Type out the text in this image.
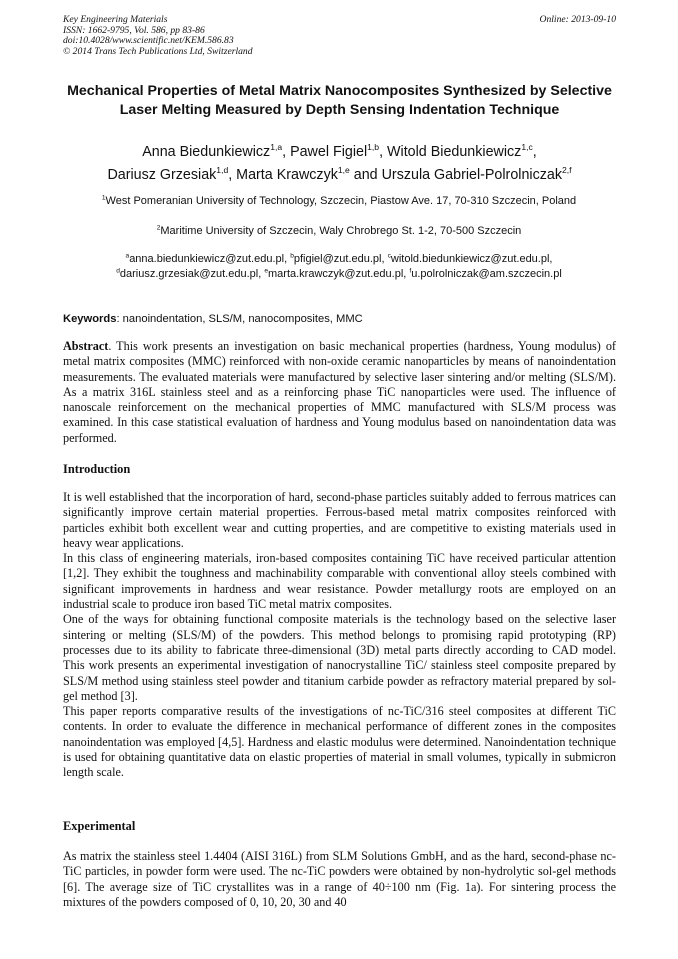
Key Engineering Materials
ISSN: 1662-9795, Vol. 586, pp 83-86
doi:10.4028/www.scientific.net/KEM.586.83
© 2014 Trans Tech Publications Ltd, Switzerland
Online: 2013-09-10
Mechanical Properties of Metal Matrix Nanocomposites Synthesized by Selective Laser Melting Measured by Depth Sensing Indentation Technique
Anna Biedunkiewicz$^{1,a}$, Pawel Figiel$^{1,b}$, Witold Biedunkiewicz$^{1,c}$,
Dariusz Grzesiak$^{1,d}$, Marta Krawczyk$^{1,e}$ and Urszula Gabriel-Polrolniczak$^{2,f}$
$^1$West Pomeranian University of Technology, Szczecin, Piastow Ave. 17, 70-310 Szczecin, Poland
$^2$Maritime University of Szczecin, Waly Chrobrego St. 1-2, 70-500 Szczecin
$^a$anna.biedunkiewicz@zut.edu.pl, $^b$pfigiel@zut.edu.pl, $^c$witold.biedunkiewicz@zut.edu.pl,
$^d$dariusz.grzesiak@zut.edu.pl, $^e$marta.krawczyk@zut.edu.pl, $^f$u.polrolniczak@am.szczecin.pl
Keywords: nanoindentation, SLS/M, nanocomposites, MMC

Abstract. This work presents an investigation on basic mechanical properties (hardness, Young modulus) of metal matrix composites (MMC) reinforced with non-oxide ceramic nanoparticles by means of nanoindentation measurements. The evaluated materials were manufactured by selective laser sintering and/or melting (SLS/M). As a matrix 316L stainless steel and as a reinforcing phase TiC nanoparticles were used. The influence of nanoscale reinforcement on the mechanical properties of MMC manufactured with SLS/M process was examined. In this case statistical evaluation of hardness and Young modulus based on nanoindentation data was performed.

Introduction

It is well established that the incorporation of hard, second-phase particles suitably added to ferrous matrices can significantly improve certain material properties. Ferrous-based metal matrix composites reinforced with particles exhibit both excellent wear and cutting properties, and are competitive to existing materials used in heavy wear applications.

In this class of engineering materials, iron-based composites containing TiC have received particular attention [1,2]. They exhibit the toughness and machinability comparable with conventional alloy steels combined with significant improvements in hardness and wear resistance. Powder metallurgy roots are employed on an industrial scale to produce iron based TiC metal matrix composites.

One of the ways for obtaining functional composite materials is the technology based on the selective laser sintering or melting (SLS/M) of the powders. This method belongs to promising rapid prototyping (RP) processes due to its ability to fabricate three-dimensional (3D) metal parts directly according to CAD model. This work presents an experimental investigation of nanocrystalline TiC/ stainless steel composite prepared by SLS/M method using stainless steel powder and titanium carbide powder as refractory material prepared by sol-gel method [3].

This paper reports comparative results of the investigations of nc-TiC/316 steel composites at different TiC contents. In order to evaluate the difference in mechanical performance of different zones in the composites nanoindentation was employed [4,5]. Hardness and elastic modulus were determined. Nanoindentation technique is used for obtaining quantitative data on elastic properties of material in small volumes, typically in submicron length scale.

Experimental

As matrix the stainless steel 1.4404 (AISI 316L) from SLM Solutions GmbH, and as the hard, second-phase nc-TiC particles, in powder form were used. The nc-TiC powders were obtained by non-hydrolytic sol-gel methods [6]. The average size of TiC crystallites was in a range of 40÷100 nm (Fig. 1a). For sintering process the mixtures of the powders composed of 0, 10, 20, 30 and 40
